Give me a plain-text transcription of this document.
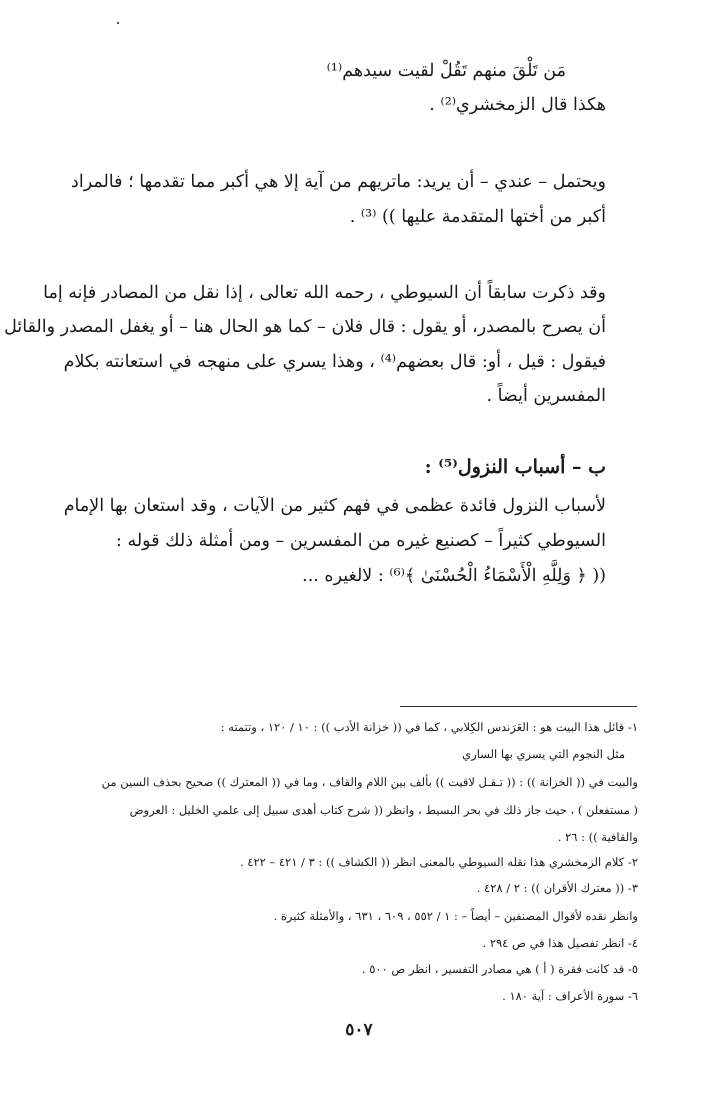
مَن تَلْقَ منهم تَقُلْ لقيت سيدهم⁽¹⁾
هكذا قال الزمخشري⁽²⁾ .
ويحتمل – عندي – أن يريد: ماتريهم من آية إلا هي أكبر مما تقدمها ؛ فالمراد
أكبر من أختها المتقدمة عليها )) ⁽³⁾ .
وقد ذكرت سابقاً أن السيوطي ، رحمه الله تعالى ، إذا نقل من المصادر فإنه إما
أن يصرح بالمصدر، أو يقول : قال فلان – كما هو الحال هنا – أو يغفل المصدر والقائل
فيقول : قيل ، أو: قال بعضهم⁽⁴⁾ ، وهذا يسري على منهجه في استعانته بكلام
المفسرين أيضاً .
ب – أسباب النزول⁽⁵⁾ :
لأسباب النزول فائدة عظمى في فهم كثير من الآيات ، وقد استعان بها الإمام
السيوطي كثيراً – كصنيع غيره من المفسرين – ومن أمثلة ذلك قوله :
(( ﴿ وَلِلَّهِ الْأَسْمَاءُ الْحُسْنَىٰ ﴾⁽⁶⁾ : لالغيره ...
١- قائل هذا البيت هو : العَرَندس الكِلابي ، كما في (( خزانة الأدب )) : ١٠ / ١٢٠ ، وتتمته :
مثل النجوم التي يسري بها الساري
والبيت في (( الخزانة )) : (( تـقـل لاقيت )) بألف بين اللام والقاف ، وما في (( المعترك )) صحيح بحذف السين من
( مستفعلن ) ، حيث جاز ذلك في بحر البسيط ، وانظر (( شرح كتاب أهدى سبيل إلى علمي الخليل : العروض
والقافية )) : ٢٦ .
٢- كلام الزمخشري هذا نقله السيوطي بالمعنى انظر (( الكشاف )) : ٣ / ٤٢١ – ٤٢٢ .
٣- (( معترك الأقران )) : ٢ / ٤٢٨ .
وانظر نقده لأقوال المصنفين – أيضاً – : ١ / ٥٥٢ ، ٦٠٩ ، ٦٣١ ، والأمثلة كثيرة .
٤- انظر تفصيل هذا في ص ٢٩٤ .
٥- قد كانت فقرة ( أ ) هي مصادر التفسير ، انظر ص ٥٠٠ .
٦- سورة الأعراف : آية ١٨٠ .
٥٠٧
